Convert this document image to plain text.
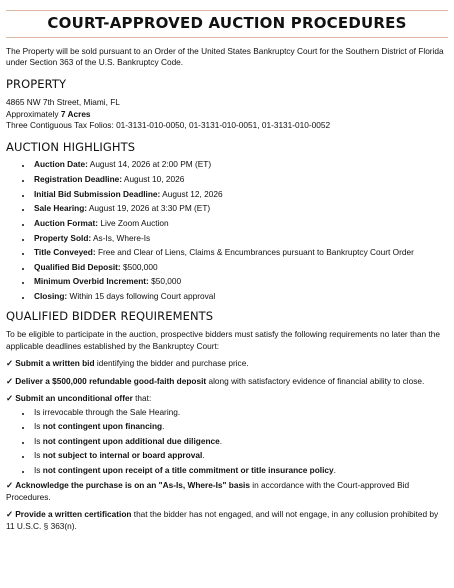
COURT-APPROVED AUCTION PROCEDURES

The Property will be sold pursuant to an Order of the United States Bankruptcy Court for the Southern District of Florida under Section 363 of the U.S. Bankruptcy Code.

PROPERTY

4865 NW 7th Street, Miami, FL

Approximately 7 Acres

Three Contiguous Tax Folios: 01-3131-010-0050, 01-3131-010-0051, 01-3131-010-0052

AUCTION HIGHLIGHTS
• Auction Date: August 14, 2026 at 2:00 PM (ET)
• Registration Deadline: August 10, 2026
• Initial Bid Submission Deadline: August 12, 2026
• Sale Hearing: August 19, 2026 at 3:30 PM (ET)
• Auction Format: Live Zoom Auction
• Property Sold: As-Is, Where-Is
• Title Conveyed: Free and Clear of Liens, Claims & Encumbrances pursuant to Bankruptcy Court Order
• Qualified Bid Deposit: $500,000
• Minimum Overbid Increment: $50,000
• Closing: Within 15 days following Court approval
QUALIFIED BIDDER REQUIREMENTS

To be eligible to participate in the auction, prospective bidders must satisfy the following requirements no later than the applicable deadlines established by the Bankruptcy Court:

✓ Submit a written bid identifying the bidder and purchase price.

✓ Deliver a $500,000 refundable good-faith deposit along with satisfactory evidence of financial ability to close.

✓ Submit an unconditional offer that:

• Is irrevocable through the Sale Hearing.
• Is not contingent upon financing.
• Is not contingent upon additional due diligence.
• Is not subject to internal or board approval.
• Is not contingent upon receipt of a title commitment or title insurance policy.

✓ Acknowledge the purchase is on an "As-Is, Where-Is" basis in accordance with the Court-approved Bid Procedures.

✓ Provide a written certification that the bidder has not engaged, and will not engage, in any collusion prohibited by 11 U.S.C. § 363(n).
